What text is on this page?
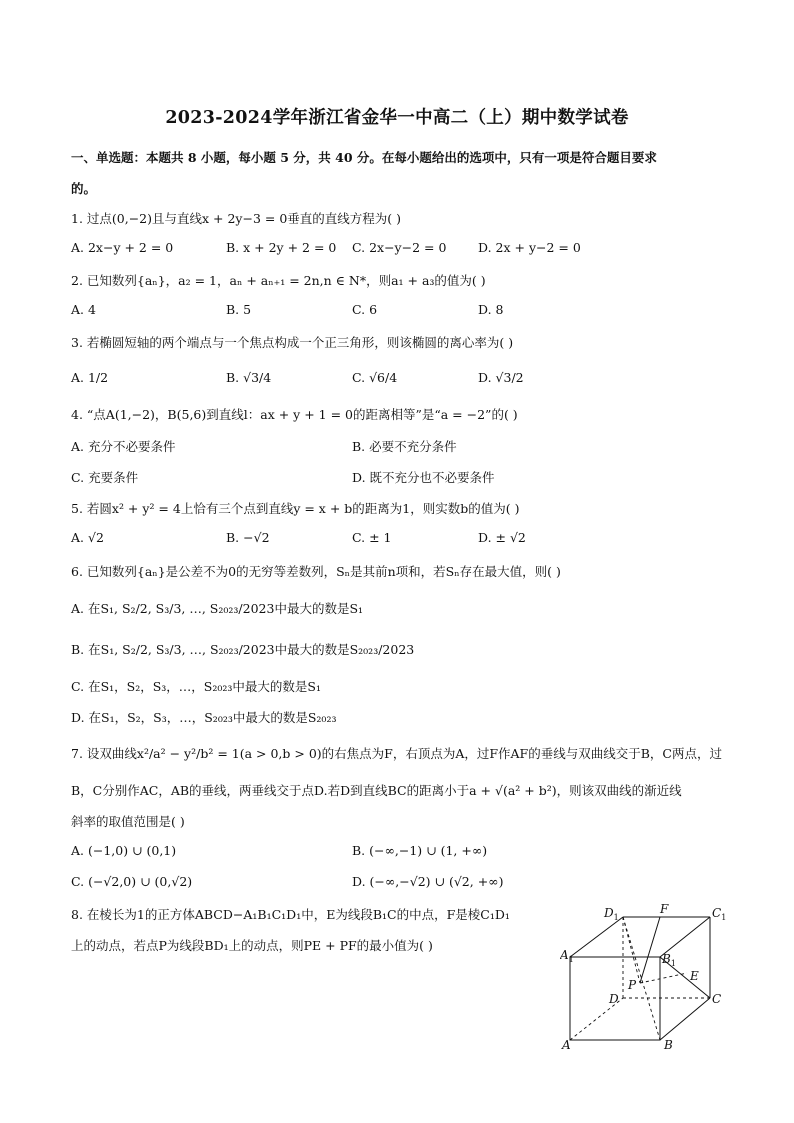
2023-2024学年浙江省金华一中高二（上）期中数学试卷
一、单选题：本题共 8 小题，每小题 5 分，共 40 分。在每小题给出的选项中，只有一项是符合题目要求
的。
1. 过点(0,−2)且与直线x + 2y−3 = 0垂直的直线方程为( )
A. 2x−y + 2 = 0	B. x + 2y + 2 = 0 C. 2x−y−2 = 0	D. 2x + y−2 = 0
2. 已知数列{aₙ}，a₂ = 1，aₙ + aₙ₊₁ = 2n,n ∈ N*，则a₁ + a₃的值为( )
A. 4	B. 5	C. 6	D. 8
3. 若椭圆短轴的两个端点与一个焦点构成一个正三角形，则该椭圆的离心率为( )
A. 1/2	B. √3/4	C. √6/4	D. √3/2
4. “点A(1,−2)，B(5,6)到直线l：ax + y + 1 = 0的距离相等”是“a = −2”的( )
A. 充分不必要条件	B. 必要不充分条件
C. 充要条件	D. 既不充分也不必要条件
5. 若圆x² + y² = 4上恰有三个点到直线y = x + b的距离为1，则实数b的值为( )
A. √2	B. −√2	C. ± 1	D. ± √2
6. 已知数列{aₙ}是公差不为0的无穷等差数列，Sₙ是其前n项和，若Sₙ存在最大值，则( )
A. 在S₁, S₂/2, S₃/3, …, S₂₀₂₃/2023中最大的数是S₁
B. 在S₁, S₂/2, S₃/3, …, S₂₀₂₃/2023中最大的数是S₂₀₂₃/2023
C. 在S₁，S₂，S₃，…，S₂₀₂₃中最大的数是S₁
D. 在S₁，S₂，S₃，…，S₂₀₂₃中最大的数是S₂₀₂₃
7. 设双曲线x²/a² − y²/b² = 1(a > 0,b > 0)的右焦点为F，右顶点为A，过F作AF的垂线与双曲线交于B，C两点，过
B，C分别作AC，AB的垂线，两垂线交于点D.若D到直线BC的距离小于a + √(a² + b²)，则该双曲线的渐近线
斜率的取值范围是( )
A. (−1,0) ∪ (0,1)	B. (−∞,−1) ∪ (1, +∞)
C. (−√2,0) ∪ (0,√2)	D. (−∞,−√2) ∪ (√2, +∞)
8. 在棱长为1的正方体ABCD−A₁B₁C₁D₁中，E为线段B₁C的中点，F是棱C₁D₁
上的动点，若点P为线段BD₁上的动点，则PE + PF的最小值为( )
$D_1$
F	$C_1$
$A_1$	$B_1$
E
P
D	C
A	B
